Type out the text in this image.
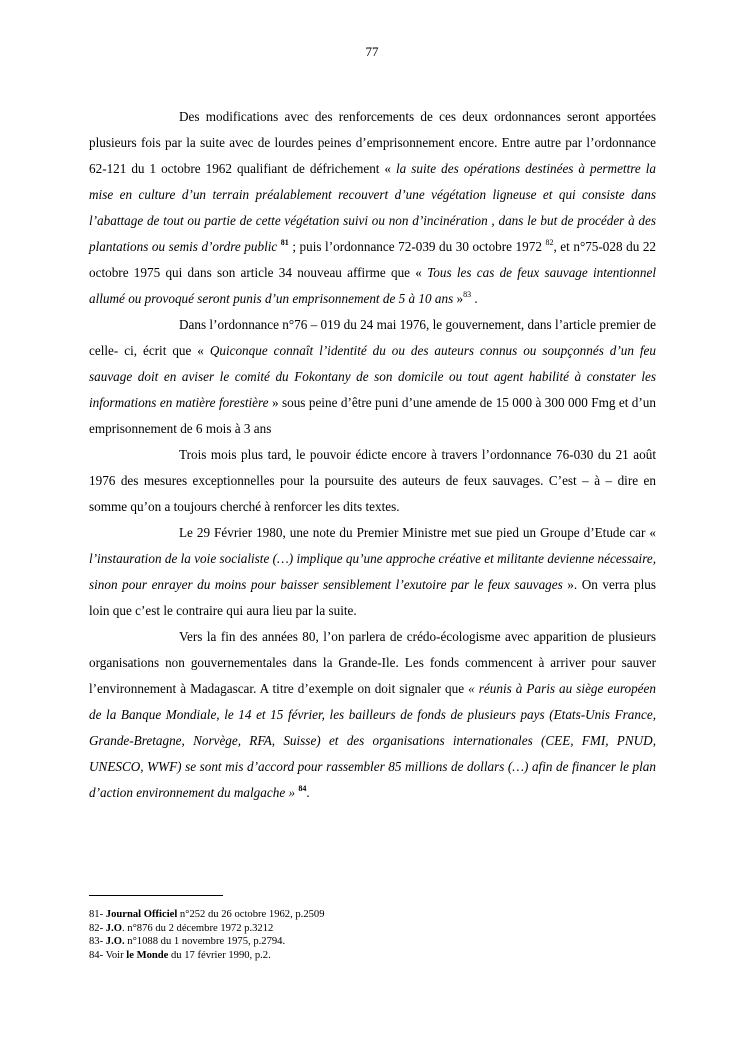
77

Des modifications avec des renforcements de ces deux ordonnances seront apportées plusieurs fois par la suite avec de lourdes peines d’emprisonnement encore. Entre autre par l’ordonnance 62-121 du 1 octobre 1962 qualifiant de défrichement « la suite des opérations destinées à permettre la mise en culture d’un terrain préalablement recouvert d’une végétation ligneuse et qui consiste dans l’abattage de tout ou partie de cette végétation suivi ou non d’incinération , dans le but de procéder à des plantations ou semis d’ordre public $^{81}$ ; puis l’ordonnance 72-039 du 30 octobre 1972 $^{82}$, et n°75-028 du 22 octobre 1975 qui dans son article 34 nouveau affirme que « Tous les cas de feux sauvage intentionnel allumé ou provoqué seront punis d’un emprisonnement de 5 à 10 ans »$^{83}$ .

Dans l’ordonnance n°76 – 019 du 24 mai 1976, le gouvernement, dans l’article premier de celle- ci, écrit que « Quiconque connaît l’identité du ou des auteurs connus ou soupçonnés d’un feu sauvage doit en aviser le comité du Fokontany de son domicile ou tout agent habilité à constater les informations en matière forestière » sous peine d’être puni d’une amende de 15 000 à 300 000 Fmg et d’un emprisonnement de 6 mois à 3 ans

Trois mois plus tard, le pouvoir édicte encore à travers l’ordonnance 76-030 du 21 août 1976 des mesures exceptionnelles pour la poursuite des auteurs de feux sauvages. C’est – à – dire en somme qu’on a toujours cherché à renforcer les dits textes.

Le 29 Février 1980, une note du Premier Ministre met sue pied un Groupe d’Etude car « l’instauration de la voie socialiste (…) implique qu’une approche créative et militante devienne nécessaire, sinon pour enrayer du moins pour baisser sensiblement l’exutoire par le feux sauvages ». On verra plus loin que c’est le contraire qui aura lieu par la suite.

Vers la fin des années 80, l’on parlera de crédo-écologisme avec apparition de plusieurs organisations non gouvernementales dans la Grande-Ile. Les fonds commencent à arriver pour sauver l’environnement à Madagascar. A titre d’exemple on doit signaler que « réunis à Paris au siège européen de la Banque Mondiale, le 14 et 15 février, les bailleurs de fonds de plusieurs pays (Etats-Unis France, Grande-Bretagne, Norvège, RFA, Suisse) et des organisations internationales (CEE, FMI, PNUD, UNESCO, WWF) se sont mis d’accord pour rassembler 85 millions de dollars (…) afin de financer le plan d’action environnement du malgache » $^{84}$.

81- Journal Officiel n°252 du 26 octobre 1962, p.2509

82- J.O. n°876 du 2 décembre 1972 p.3212

83- J.O. n°1088 du 1 novembre 1975, p.2794.

84- Voir le Monde du 17 février 1990, p.2.
